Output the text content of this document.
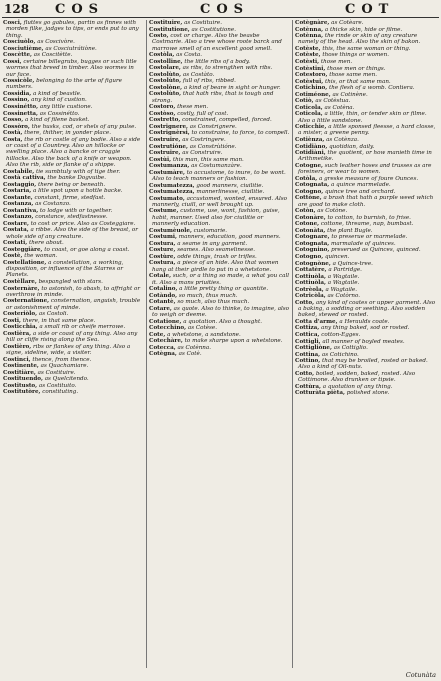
128 COS	COS	COT
Cosci, fluttes go gabules, partin as finnes with morden filke, jadges to tips, or ends put to any thing.
Cosciuòlo, as Coscivòre.
Cosciutième, as Cosciutrátiòne.
Coscètte, as Coscitètte.
Cossi, certaine billegrubs, bugges or such litle wormes that breed in timber. Also wormes in our face.
Cossicòle, belonging to the arte of figure numbers.
Cossidia, a kind of beastle.
Cossino, any kind of custion.
Cossinétto, any little custione.
Cossinetta, as Cossinétto.
Cosso, a kind of filene basket.
Cossòro, the husks, cod, or shels of any pulse.
Costà, there, thither, in yonder place.
Costa, the rib or costle of any bodie. Also a side or coast of a Countrey. Also an hillocke or swelling place. Also a bancke or craggie hillocke. Also the back of a knife or weapon. Also the rib, side or flanke of a shippe.
Costabile, tie sumbtuly with of tige ther.
Costà cattiva, the banke Dogvuibe.
Costaggio, there being or beneath.
Costaria, a litle spot upon a hottle backe.
Costante, constant, firme, stedfast.
Costanza, as Costanzo.
Costantiva, to lodge with or together.
Costanzo, constance, stedfastnesse.
Costare, to cost or price. Also as Costeggiare.
Costata, a ribbe. Also the side of the breast, or whole side of any creature.
Costati, there about.
Costeggiàre, to coast, or goe along a coast.
Costè, the woman.
Costellatione, a constellation, a working, disposition, or influence of the Starres or Planets.
Costèllare, bespangled with stars.
Costernàre, to astonish, to abash, to affright or overthrow in minde.
Costernatione, consternation, anguish, trouble or astonishment of minde.
Costeriòlo, as Costoli.
Costi, there, in that same place.
Costicchia, a small rib or cheife merrowe.
Costièra, a side or coast of any thing. Also any hill or cliffe rising along the Sea.
Costièro, ribs or flankes of any thing. Also a signe, sideline, wide, a visiter.
Costinci, thence, from thence.
Costinente, as Quachamiare.
Costitiàre, as Costituire.
Costituendo, as Quelcitendo.
Costitusto, as Costituito.
Costitutòre, constituting.
Costituire, as Costituire.
Costitutione, as Costitutione.
Costo, cost or charge. Also the beasbe Costmarie. Also a tree whose roote barck and marrowe smell of an excellent good smell.
Costòla, as Costa.
Costolline, the little ribs of a body.
Costolare, as ribs, to strengthen with ribs.
Costolùto, as Costàto.
Costolùto, full of ribs, ribbed.
Costolòne, a kind of beare in sight or hunger.
Costolùto, that hath ribs, that is tough and strong.
Costoro, these men.
Costòso, costly, full of cost.
Costretto, constrained, compelled, forced.
Costrignere, as Constrignere.
Costrignèrsi, to constraine, to force, to compell.
Costruire, as Costringere.
Costrutióne, as Constrùtióne.
Costruire, as Construire.
Costùi, this man, this same man.
Costumanza, as Costumanzàre.
Costumàre, to accustome, to inure, to be wont. Also to teach manners or fashion.
Costumatezza, good manners, ciuilitie.
Costumatezza, mannerlinesse, ciuilitie.
Costumato, accustomed, wonted, ensured. Also mannerly, ciuill, or well brought up.
Costume, custome, use, wont, fashion, guise, habit, manner. Used also for ciuilitie or mannerly education.
Costumèuole, customarie.
Costumi, manners, education, good manners.
Costura, a seame in any garment.
Costure, seames. Also seamelinesse.
Costùre, odde things, trash or trifles.
Costura, a piece of an hide. Also that women hang at their girdle to put in a whetstone.
Cotale, such, or a thing so made, a what you call it. Also a mans priuities.
Cotalino, a little pretty thing or quantite.
Cotàndo, so much, thus much.
Cotantè, so much, also thus much.
Cotare, as quote. Also to thinke, to imagine, also to weigh or deeme.
Cotatione, a quotation. Also a thought.
Cotecchino, as Cotèse.
Cote, a whetstone, a sandstone.
Cotechàre, to make sharpe upon a whetstone.
Cotecca, as Cotènna.
Cotègna, as Cotè.
Cotègnàre, as Cotèare.
Cotènna, a thicke skin, hide or filme.
Cotènna, the rinde or skin of any creature namely of the head. Also the skin of bakon.
Cotèste, this, the same woman or thing.
Cotèste, those things or women.
Cotèsti, those men.
Cotèstini, those men or things.
Cotestoro, those same men.
Cotèstui, this, or that same man.
Cotichino, the flesh of a womb. Contiera.
Cotiméone, as Cotinène.
Cotiò, as Cotèstua.
Coticola, as Cotèna.
Coticola, a little, thin, or tender skin or filme. Also a little sandstone.
Coticchie, a little sponsed fleesse, a hard closse, a mister, a greene penny.
Cotiènza, as Cotènza.
Cotidiàno, quotidian, daily.
Cotidiàni, the quotient, or how manieth time in Arithmetike.
Cotogne, such leather hoses and trusses as are foreiners, or wear to women.
Cotòla, a greske measure of foure Ounces.
Cotognata, a quince marmelade.
Cotogno, quince tree and orchard.
Cottòne, a brash that hath a purple weed which are good to make cloth.
Cotòn, as Cotòne.
Cotonàre, to cotton, to burnish, to frise.
Cotone, cottone, threame, nap, bumbast.
Cotonàta, the plant Bugle.
Cotognare, to preserue or marmelade.
Cotognata, marmalade of quinces.
Cotognino, preserued as Quinces, quinced.
Cotogno, quincen.
Cotognòne, a Quince-tree.
Cottatère, a Partridge.
Cottiuòla, a Wagtaile.
Cottiuòla, a Wagtaile.
Cotrèola, a Wagtaile.
Cotricòla, as Cotòrno.
Cotto, any kind of coates or upper garment. Also a baking, a sodding or seething. Also sodden baked, stewed or rosted.
Cotta d'arme, a Heraulds coate.
Cottiza, any thing baked, sod or rosted.
Cottica, cotton-Egges.
Cottigli, all manner of boyled meates.
Cottigliòne, as Cottiglio.
Cottina, as Cotichino.
Cottino, that may be broiled, rosted or baked. Also a kind of Oil-nuts.
Cotto, boiled, sodden, baked, rosted. Also Cottimone. Also drunken or tipsie.
Cottùra, a quotation of any thing.
Cotturàta pièta, polished stone.
Cotunàta
